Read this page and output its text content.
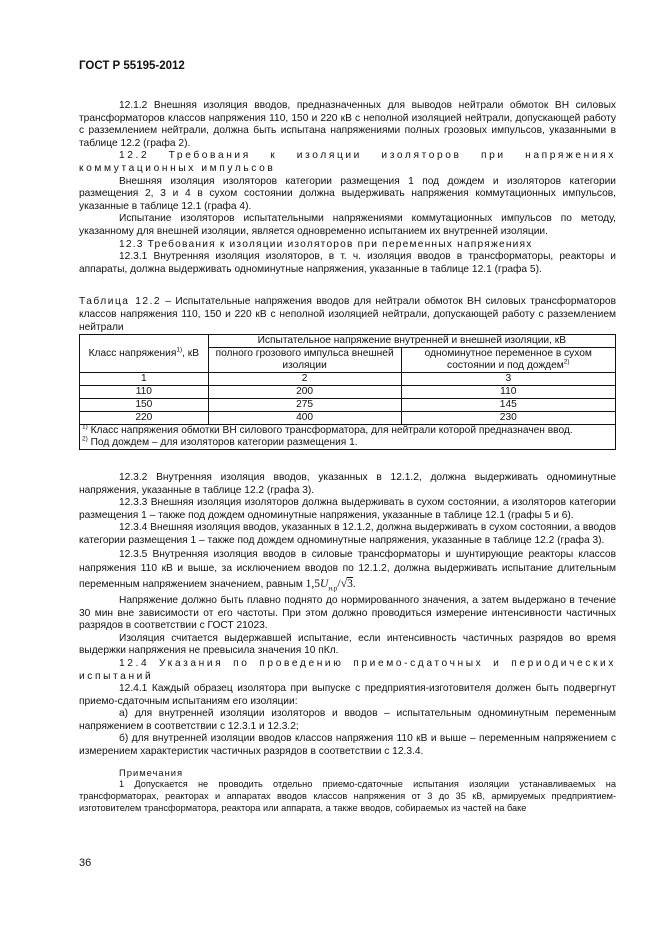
ГОСТ Р 55195-2012

12.1.2 Внешняя изоляция вводов, предназначенных для выводов нейтрали обмоток ВН силовых трансформаторов классов напряжения 110, 150 и 220 кВ с неполной изоляцией нейтрали, допускающей работу с разземлением нейтрали, должна быть испытана напряжениями полных грозовых импульсов, указанными в таблице 12.2 (графа 2).

12.2 Требования к изоляции изоляторов при напряжениях коммутационных импульсов

Внешняя изоляция изоляторов категории размещения 1 под дождем и изоляторов категории размещения 2, 3 и 4 в сухом состоянии должна выдерживать напряжения коммутационных импульсов, указанные в таблице 12.1 (графа 4).

Испытание изоляторов испытательными напряжениями коммутационных импульсов по методу, указанному для внешней изоляции, является одновременно испытанием их внутренней изоляции.

12.3 Требования к изоляции изоляторов при переменных напряжениях

12.3.1 Внутренняя изоляция изоляторов, в т. ч. изоляция вводов в трансформаторы, реакторы и аппараты, должна выдерживать одноминутные напряжения, указанные в таблице 12.1 (графа 5).

Таблица 12.2 – Испытательные напряжения вводов для нейтрали обмоток ВН силовых трансформаторов классов напряжения 110, 150 и 220 кВ с неполной изоляцией нейтрали, допускающей работу с разземлением нейтрали

Класс напряжения$^{1)}$, кВ	Испытательное напряжение внутренней и внешней изоляции, кВ	
	полного грозового импульса внешней изоляции	одноминутное переменное в сухом состоянии и под дождем$^{2)}$
1	2	3
110	200	110
150	275	145
220	400	230

$^{1)}$ Класс напряжения обмотки ВН силового трансформатора, для нейтрали которой предназначен ввод.
$^{2)}$ Под дождем – для изоляторов категории размещения 1.		

12.3.2 Внутренняя изоляция вводов, указанных в 12.1.2, должна выдерживать одноминутные напряжения, указанные в таблице 12.2 (графа 3).

12.3.3 Внешняя изоляция изоляторов должна выдерживать в сухом состоянии, а изоляторов категории размещения 1 – также под дождем одноминутные напряжения, указанные в таблице 12.1 (графы 5 и 6).

12.3.4 Внешняя изоляция вводов, указанных в 12.1.2, должна выдерживать в сухом состоянии, а вводов категории размещения 1 – также под дождем одноминутные напряжения, указанные в таблице 12.2 (графа 3).

12.3.5 Внутренняя изоляция вводов в силовые трансформаторы и шунтирующие реакторы классов напряжения 110 кВ и выше, за исключением вводов по 12.1.2, должна выдерживать испытание длительным переменным напряжением значением, равным $1,5U_{н.р}/√3$.

Напряжение должно быть плавно поднято до нормированного значения, а затем выдержано в течение 30 мин вне зависимости от его частоты. При этом должно проводиться измерение интенсивности частичных разрядов в соответствии с ГОСТ 21023.

Изоляция считается выдержавшей испытание, если интенсивность частичных разрядов во время выдержки напряжения не превысила значения 10 пКл.

12.4 Указания по проведению приемо-сдаточных и периодических испытаний

12.4.1 Каждый образец изолятора при выпуске с предприятия-изготовителя должен быть подвергнут приемо-сдаточным испытаниям его изоляции:

а) для внутренней изоляции изоляторов и вводов – испытательным одноминутным переменным напряжением в соответствии с 12.3.1 и 12.3.2;

б) для внутренней изоляции вводов классов напряжения 110 кВ и выше – переменным напряжением с измерением характеристик частичных разрядов в соответствии с 12.3.4.

Примечания

1 Допускается не проводить отдельно приемо-сдаточные испытания изоляции устанавливаемых на трансформаторах, реакторах и аппаратах вводов классов напряжения от 3 до 35 кВ, армируемых предприятием-изготовителем трансформатора, реактора или аппарата, а также вводов, собираемых из частей на баке

36
